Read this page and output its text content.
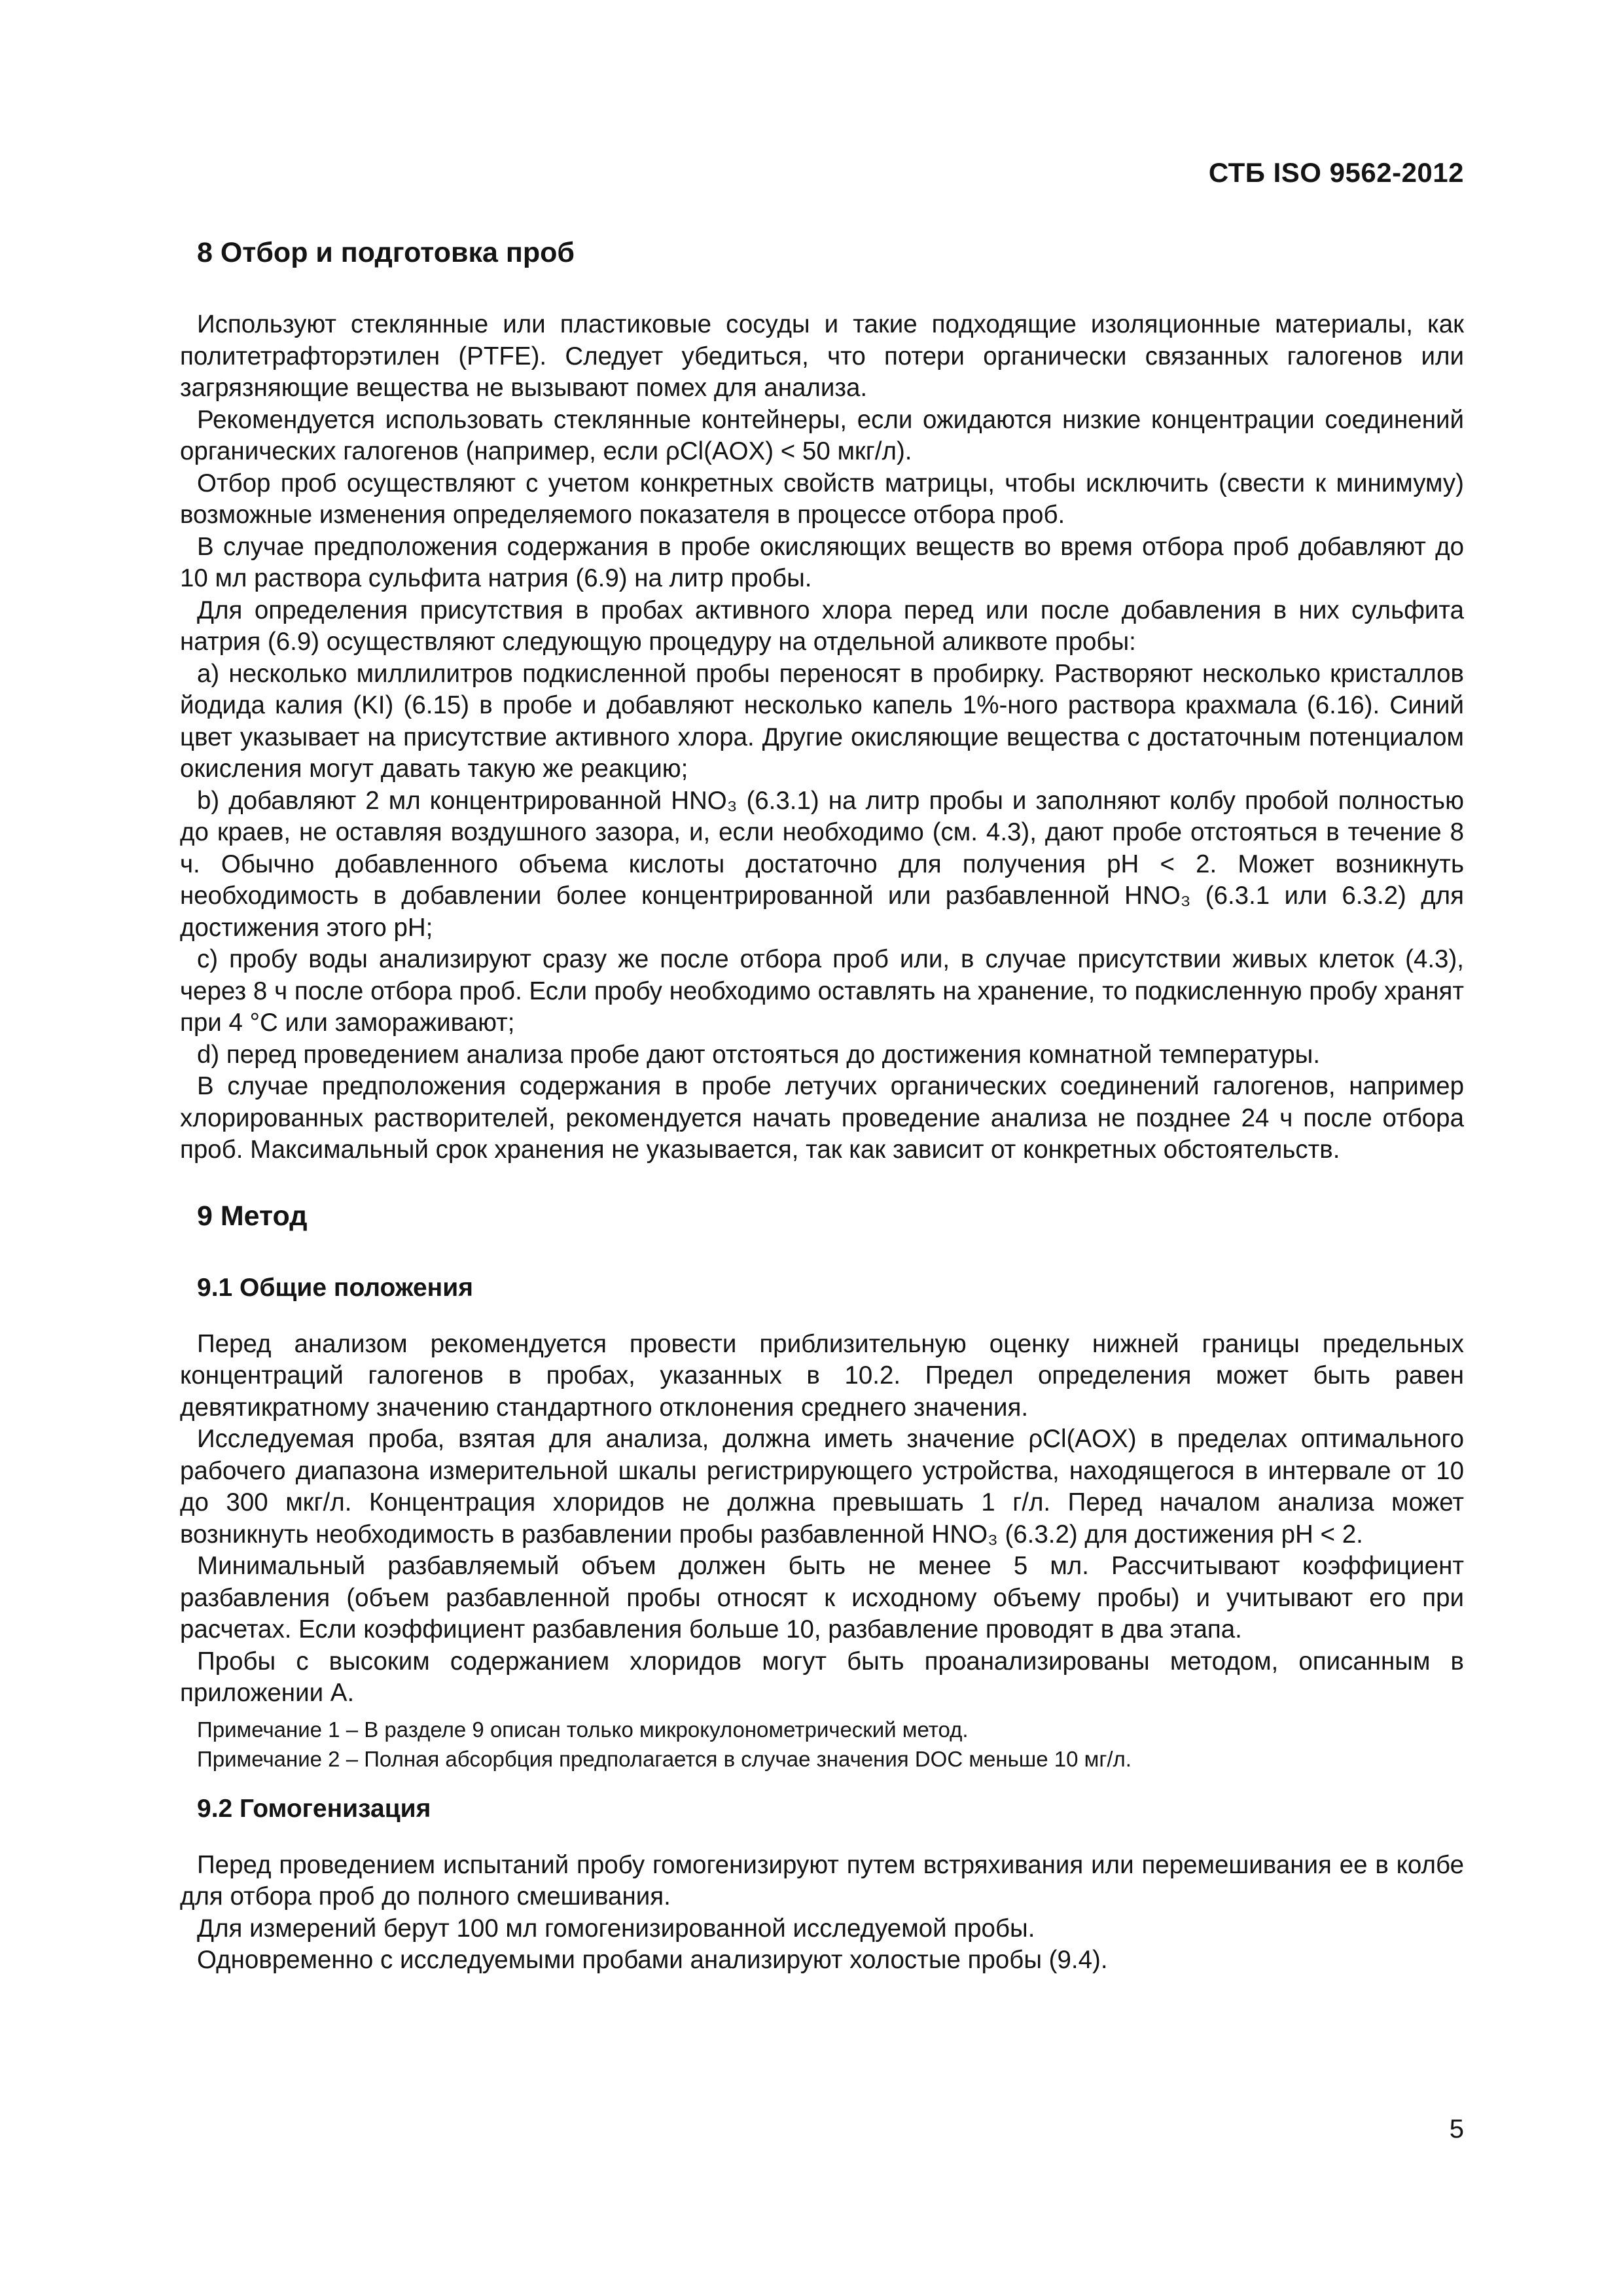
СТБ ISO 9562-2012
8 Отбор и подготовка проб

Используют стеклянные или пластиковые сосуды и такие подходящие изоляционные материалы, как политетрафторэтилен (PTFE). Следует убедиться, что потери органически связанных галогенов или загрязняющие вещества не вызывают помех для анализа.

Рекомендуется использовать стеклянные контейнеры, если ожидаются низкие концентрации соединений органических галогенов (например, если ρCl(AOX) < 50 мкг/л).

Отбор проб осуществляют с учетом конкретных свойств матрицы, чтобы исключить (свести к минимуму) возможные изменения определяемого показателя в процессе отбора проб.

В случае предположения содержания в пробе окисляющих веществ во время отбора проб добавляют до 10 мл раствора сульфита натрия (6.9) на литр пробы.

Для определения присутствия в пробах активного хлора перед или после добавления в них сульфита натрия (6.9) осуществляют следующую процедуру на отдельной аликвоте пробы:

a) несколько миллилитров подкисленной пробы переносят в пробирку. Растворяют несколько кристаллов йодида калия (KI) (6.15) в пробе и добавляют несколько капель 1%-ного раствора крахмала (6.16). Синий цвет указывает на присутствие активного хлора. Другие окисляющие вещества с достаточным потенциалом окисления могут давать такую же реакцию;

b) добавляют 2 мл концентрированной HNO₃ (6.3.1) на литр пробы и заполняют колбу пробой полностью до краев, не оставляя воздушного зазора, и, если необходимо (см. 4.3), дают пробе отстояться в течение 8 ч. Обычно добавленного объема кислоты достаточно для получения pH < 2. Может возникнуть необходимость в добавлении более концентрированной или разбавленной HNO₃ (6.3.1 или 6.3.2) для достижения этого pH;

c) пробу воды анализируют сразу же после отбора проб или, в случае присутствии живых клеток (4.3), через 8 ч после отбора проб. Если пробу необходимо оставлять на хранение, то подкисленную пробу хранят при 4 °C или замораживают;

d) перед проведением анализа пробе дают отстояться до достижения комнатной температуры.

В случае предположения содержания в пробе летучих органических соединений галогенов, например хлорированных растворителей, рекомендуется начать проведение анализа не позднее 24 ч после отбора проб. Максимальный срок хранения не указывается, так как зависит от конкретных обстоятельств.

9 Метод
9.1 Общие положения

Перед анализом рекомендуется провести приблизительную оценку нижней границы предельных концентраций галогенов в пробах, указанных в 10.2. Предел определения может быть равен девятикратному значению стандартного отклонения среднего значения.

Исследуемая проба, взятая для анализа, должна иметь значение ρCl(AOX) в пределах оптимального рабочего диапазона измерительной шкалы регистрирующего устройства, находящегося в интервале от 10 до 300 мкг/л. Концентрация хлоридов не должна превышать 1 г/л. Перед началом анализа может возникнуть необходимость в разбавлении пробы разбавленной HNO₃ (6.3.2) для достижения pH < 2.

Минимальный разбавляемый объем должен быть не менее 5 мл. Рассчитывают коэффициент разбавления (объем разбавленной пробы относят к исходному объему пробы) и учитывают его при расчетах. Если коэффициент разбавления больше 10, разбавление проводят в два этапа.

Пробы с высоким содержанием хлоридов могут быть проанализированы методом, описанным в приложении А.

Примечание 1 – В разделе 9 описан только микрокулонометрический метод.

Примечание 2 – Полная абсорбция предполагается в случае значения DOC меньше 10 мг/л.

9.2 Гомогенизация

Перед проведением испытаний пробу гомогенизируют путем встряхивания или перемешивания ее в колбе для отбора проб до полного смешивания.

Для измерений берут 100 мл гомогенизированной исследуемой пробы.

Одновременно с исследуемыми пробами анализируют холостые пробы (9.4).

5
